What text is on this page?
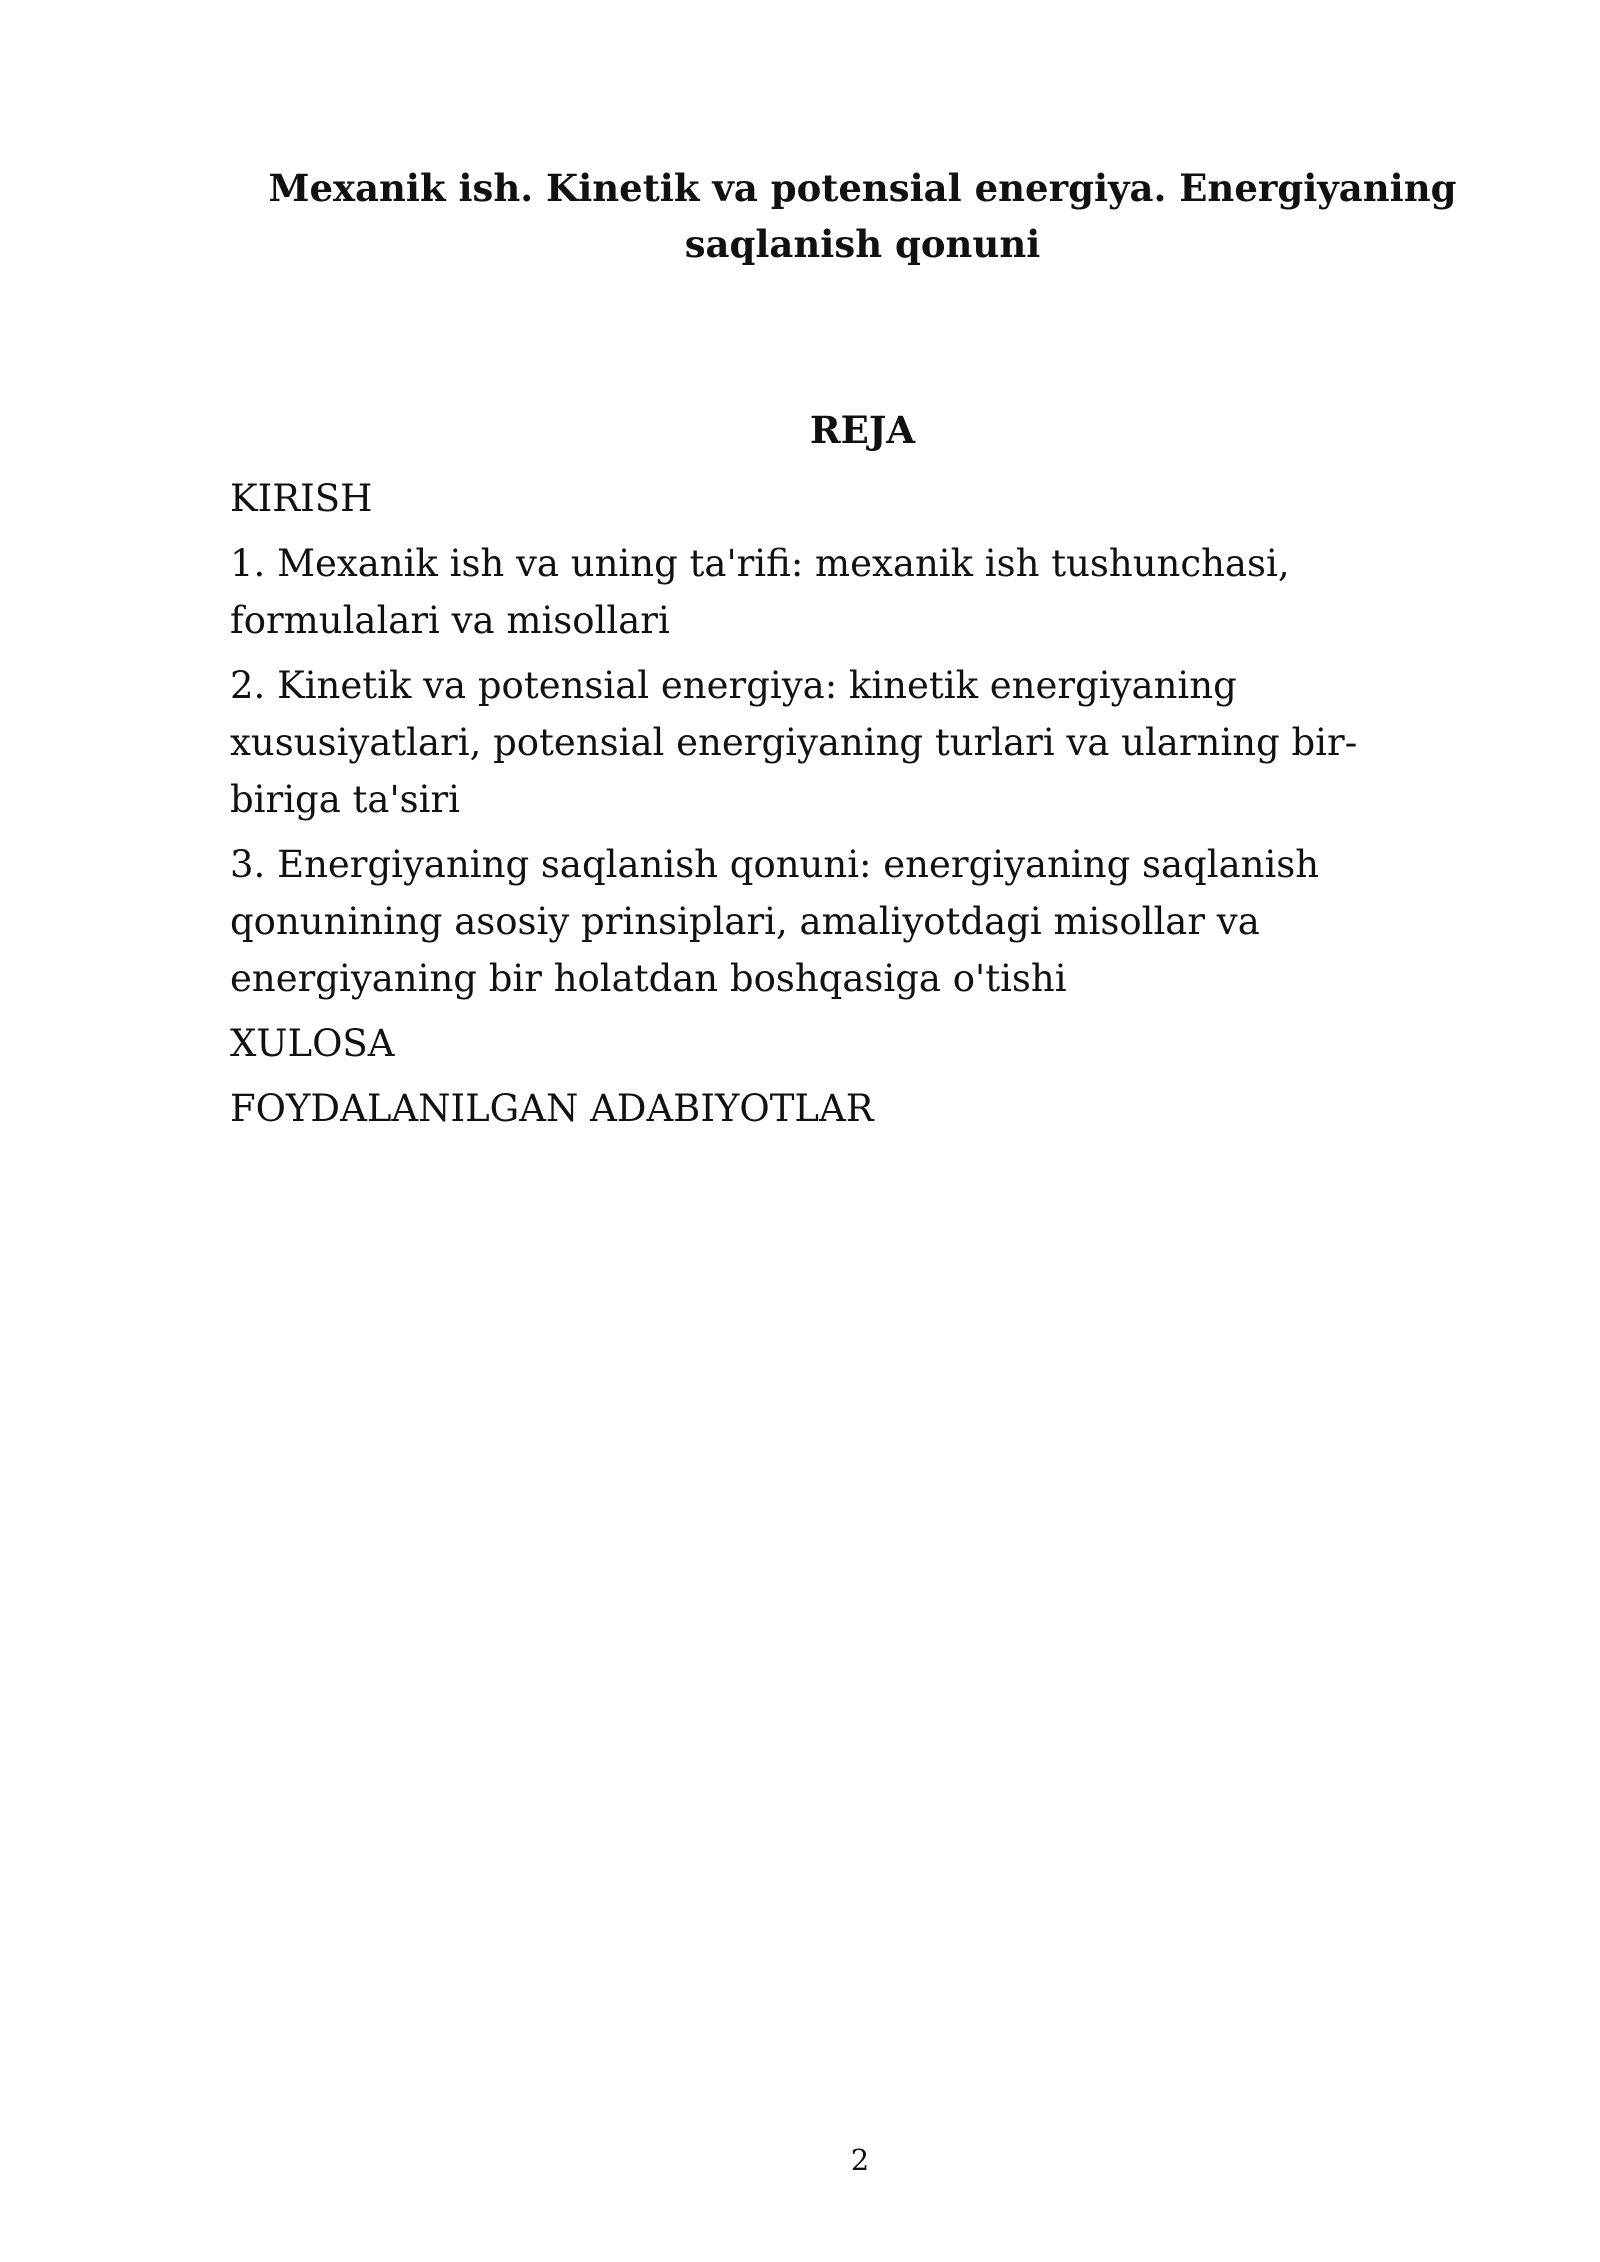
Mexanik ish. Kinetik va potensial energiya. Energiyaning saqlanish qonuni
REJA
KIRISH
1. Mexanik ish va uning ta'rifi: mexanik ish tushunchasi, formulalari va misollari
2. Kinetik va potensial energiya: kinetik energiyaning xususiyatlari, potensial energiyaning turlari va ularning bir-biriga ta'siri
3. Energiyaning saqlanish qonuni: energiyaning saqlanish qonunining asosiy prinsiplari, amaliyotdagi misollar va energiyaning bir holatdan boshqasiga o'tishi
XULOSA
FOYDALANILGAN ADABIYOTLAR
2
